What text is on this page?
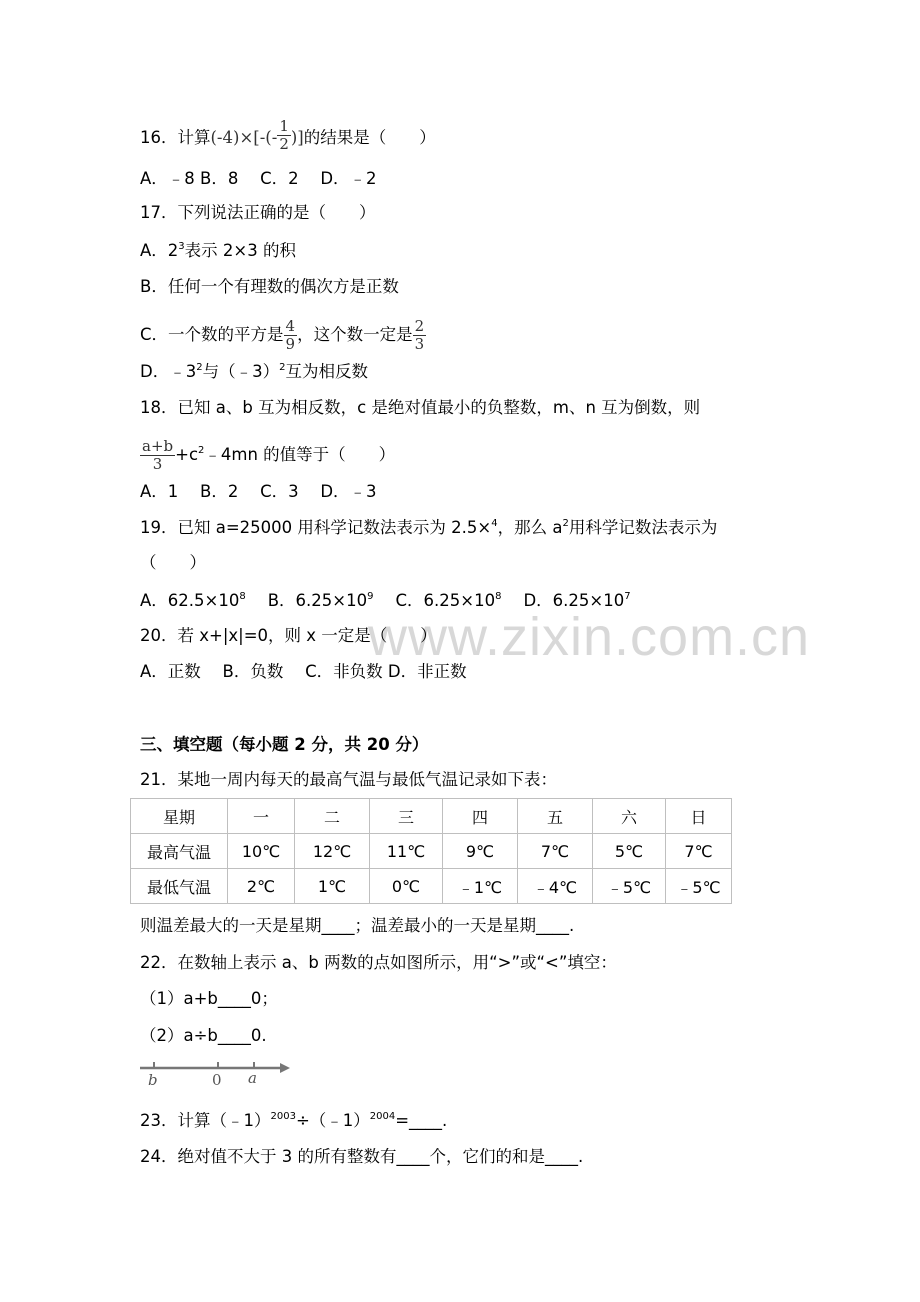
www.zixin.com.cn
16．计算$(-4)\times[-(- \frac{1}{2}$ )]的结果是（　　）
A．﹣8 B．8　 C．2　 D．﹣2
17．下列说法正确的是（　　）
A．$2^3$表示 2×3 的积
B．任何一个有理数的偶次方是正数
C．一个数的平方是 $\frac{4}{9}$ ，这个数一定是 $\frac{2}{3}$
D．$﹣3^2$与（﹣3）$^2$互为相反数
18．已知 a、b 互为相反数，c 是绝对值最小的负整数，m、n 互为倒数，则
$\frac{a+b}{3}$ $+c^2﹣4mn$ 的值等于（　　）
A．1　 B．2　 C．3　 D．﹣3
19．已知 a=25000 用科学记数法表示为 2.5×$^4$，那么 $a^2$用科学记数法表示为
（　　）
A．$62.5\times 10^8$ B．$6.25\times 10^9$ C．$6.25\times 10^8$ D．$6.25\times 10^7$
20．若 x+|x|=0，则 x 一定是（　　）
A．正数　 B．负数　 C．非负数 D．非正数
三、填空题（每小题 2 分，共 20 分）
21．某地一周内每天的最高气温与最低气温记录如下表：
星期	一	二	三	四	五	六	日
最高气温	10℃	12℃	11℃	9℃	7℃	5℃	7℃
最低气温	2℃	1℃	0℃	﹣1℃	﹣4℃	﹣5℃	﹣5℃
则温差最大的一天是星期____；温差最小的一天是星期____.
22．在数轴上表示 a、b 两数的点如图所示，用“>”或“<”填空：
（1）a+b____0；
（2）a÷b____0.
b	0 a
23．计算（﹣1）$^{2003}$÷（﹣1）$^{2004}$=____.
24．绝对值不大于 3 的所有整数有____个，它们的和是____.
